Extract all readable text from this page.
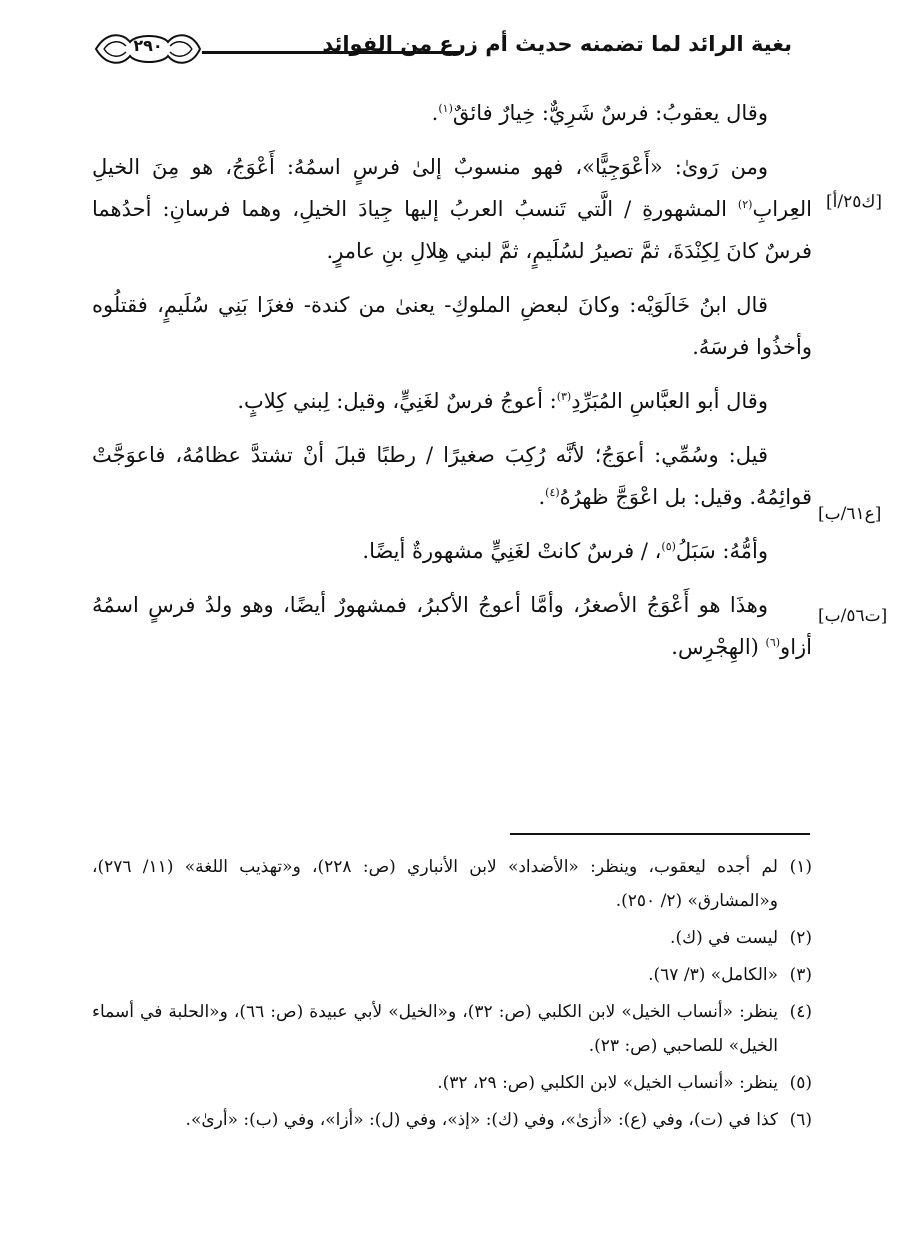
٢٩٠	بغية الرائد لما تضمنه حديث أم زرع من الفوائد
[ك٢٥/أ]
[ع٦١/ب]
[ت٥٦/ب]

وقال يعقوبُ: فرسٌ شَرِيٌّ: خِيارٌ فائقٌ$^{(١)}$.

ومن رَوىٰ: «أَعْوَجِيًّا»، فهو منسوبٌ إلىٰ فرسٍ اسمُهُ: أَعْوَجُ، هو مِنَ الخيلِ العِرابِ$^{(٢)}$ المشهورةِ / الَّتي تَنسبُ العربُ إليها جِيادَ الخيلِ، وهما فرسانِ: أحدُهما فرسٌ كانَ لِكِنْدَةَ، ثمَّ تصيرُ لسُلَيمٍ، ثمَّ لبني هِلالِ بنِ عامرٍ.

قال ابنُ خَالَوَيْه: وكانَ لبعضِ الملوكِ- يعنىٰ من كندة- فغزَا بَنِي سُلَيمٍ، فقتلُوه وأخذُوا فرسَهُ.

وقال أبو العبَّاسِ المُبَرِّدِ$^{(٣)}$: أعوجُ فرسٌ لغَنِيٍّ، وقيل: لِبني كِلابٍ.

قيل: وسُمِّي: أعوَجُ؛ لأنَّه رُكِبَ صغيرًا / رطبًا قبلَ أنْ تشتدَّ عظامُهُ، فاعوَجَّتْ قوائِمُهُ. وقيل: بل اعْوَجَّ ظهرُهُ$^{(٤)}$.

وأمُّهُ: سَبَلُ$^{(٥)}$، / فرسٌ كانتْ لغَنِيٍّ مشهورةٌ أيضًا.

وهذَا هو أَعْوَجُ الأصغرُ، وأمَّا أعوجُ الأكبرُ، فمشهورٌ أيضًا، وهو ولدُ فرسٍ اسمُهُ أزاو$^{(٦)}$ (الهِجْرِس.

(١)لم أجده ليعقوب، وينظر: «الأضداد» لابن الأنباري (ص: ٢٢٨)، و«تهذيب اللغة» (١١/ ٢٧٦)، و«المشارق» (٢/ ٢٥٠).

(٢)ليست في (ك).

(٣)«الكامل» (٣/ ٦٧).

(٤)ينظر: «أنساب الخيل» لابن الكلبي (ص: ٣٢)، و«الخيل» لأبي عبيدة (ص: ٦٦)، و«الحلبة في أسماء الخيل» للصاحبي (ص: ٢٣).

(٥)ينظر: «أنساب الخيل» لابن الكلبي (ص: ٢٩، ٣٢).

(٦)كذا في (ت)، وفي (ع): «أزىٰ»، وفي (ك): «إذ»، وفي (ل): «أزا»، وفي (ب): «أرىٰ».
